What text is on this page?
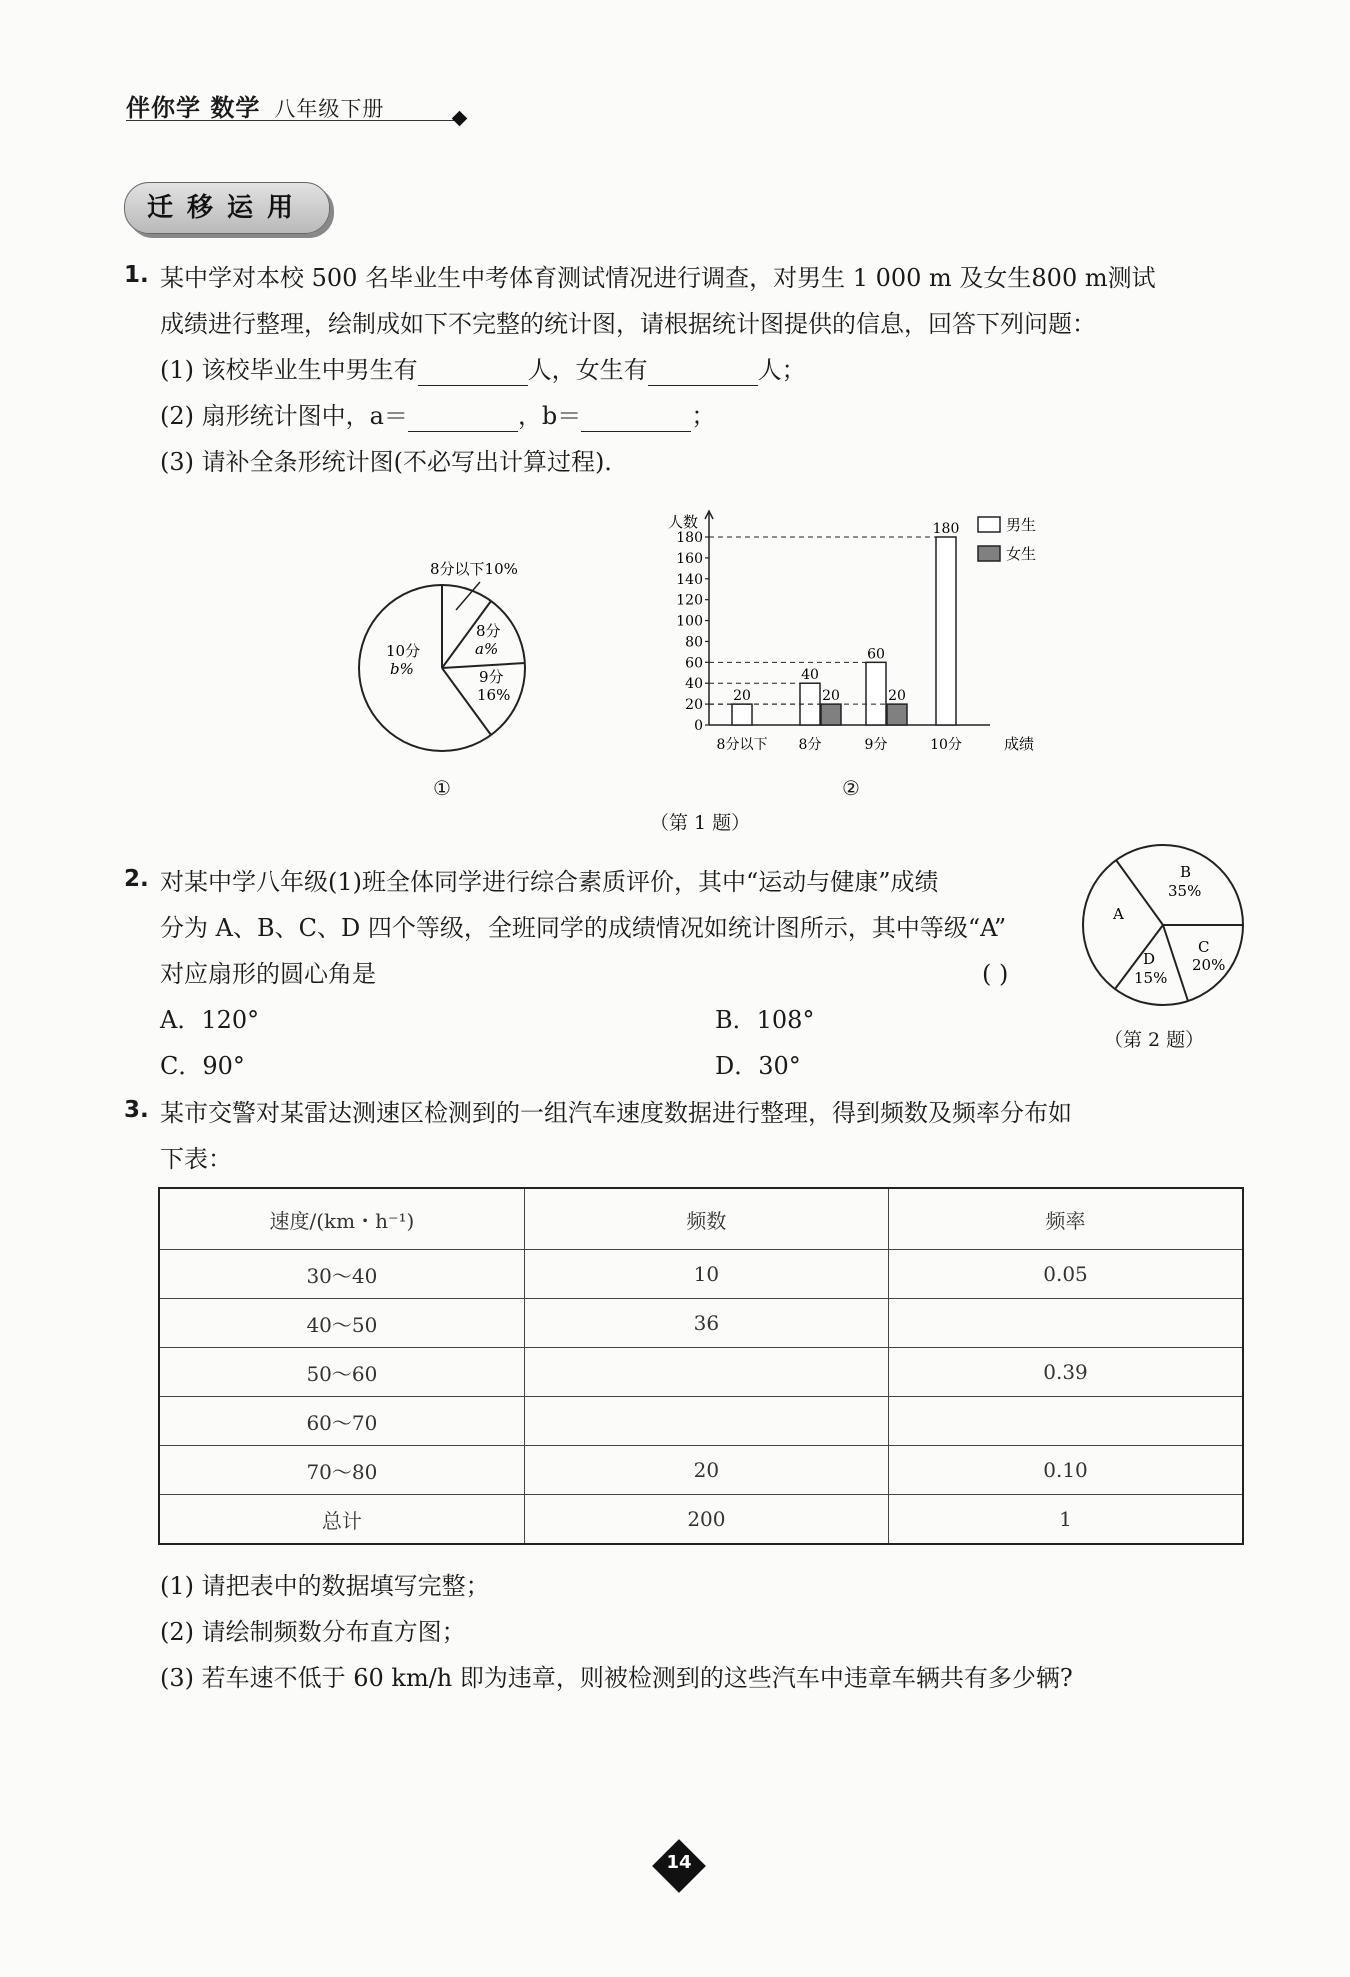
伴你学 数学 八年级下册
迁移运用
1. 某中学对本校 500 名毕业生中考体育测试情况进行调查，对男生 1 000 m 及女生800 m测试
成绩进行整理，绘制成如下不完整的统计图，请根据统计图提供的信息，回答下列问题：
(1) 该校毕业生中男生有	人，女生有	人；
(2) 扇形统计图中，a＝	，b＝	；
(3) 请补全条形统计图(不必写出计算过程)．
8分以下10%
8分
a%
9分
16%
10分
b%
人数
成绩
0
20
40
60
80
100
120
140
160
180
8分以下
20
8分
40
20
9分
60
20
10分
180	男生
女生
①	②
（第 1 题）
2. 对某中学八年级(1)班全体同学进行综合素质评价，其中“运动与健康”成绩
分为 A、B、C、D 四个等级，全班同学的成绩情况如统计图所示，其中等级“A”
对应扇形的圆心角是	( )
A．120°	B．108°
C．90°	D．30°
A
B
35%
C
20%
D
15%
（第 2 题）
3. 某市交警对某雷达测速区检测到的一组汽车速度数据进行整理，得到频数及频率分布如
下表：
速度/(km・h⁻¹)	频数	频率
30～40	10	0.05
40～50	36	
50～60		0.39
60～70		
70～80	20	0.10
总计	200	1
(1) 请把表中的数据填写完整；
(2) 请绘制频数分布直方图；
(3) 若车速不低于 60 km/h 即为违章，则被检测到的这些汽车中违章车辆共有多少辆?
14
